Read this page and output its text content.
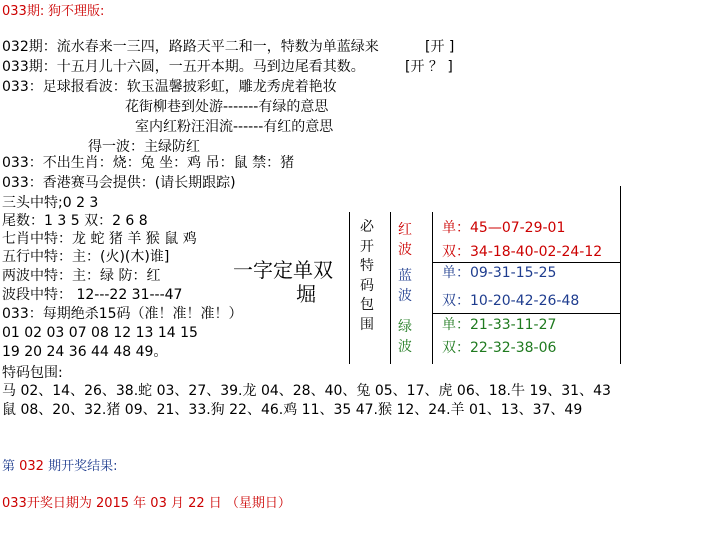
033期: 狗不理版:
032期：流水春来一三四，路路天平二和一，特数为单蓝绿来	[开 ]
033期：十五月儿十六圆，一五开本期。马到边尾看其数。	[开 ？ ]
033：足球报看波：软玉温馨披彩虹，雕龙秀虎着艳妆
花街柳巷到处游-------有绿的意思
室内红粉汪泪流------有红的意思
得一波：主绿防红
033：不出生肖：烧：兔 坐：鸡 吊：鼠 禁：猪
033：香港赛马会提供：(请长期跟踪)
三头中特;0 2 3
尾数：1 3 5 双：2 6 8
七肖中特：龙 蛇 猪 羊 猴 鼠 鸡
五行中特：主：(火)(木)谁]
两波中特：主：绿 防：红
波段中特： 12---22 31---47
033：每期绝杀15码（准！准！准！）
01 02 03 07 08 12 13 14 15
19 20 24 36 44 48 49。
特码包围:
马 02、14、26、38.蛇 03、27、39.龙 04、28、40、兔 05、17、虎 06、18.牛 19、31、43
鼠 08、20、32.猪 09、21、33.狗 22、46.鸡 11、35 47.猴 12、24.羊 01、13、37、49
一字定单双
堀
必
开
特
码
包
围
红
波
单：45—07-29-01
双：34-18-40-02-24-12
蓝
波
单：09-31-15-25
双：10-20-42-26-48
绿
波
单：21-33-11-27
双：22-32-38-06
第 032 期开奖结果:
033开奖日期为 2015 年 03 月 22 日 （星期日）
